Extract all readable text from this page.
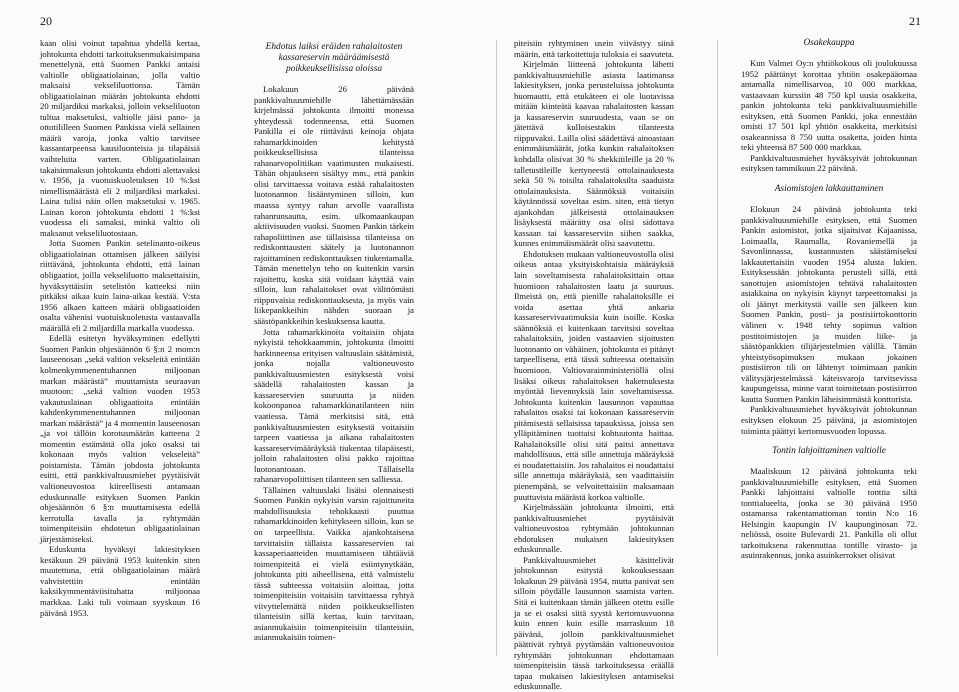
20	21

kaan olisi voinut tapahtua yhdellä kertaa, johtokunta ehdotti tarkoituksenmukaisimpana menettelynä, että Suomen Pankki antaisi valtiolle obligaatiolainan, jolla valtio maksaisi vekseliluottonsa. Tämän obligaatiolainan määrän johtokunta ehdotti 20 miljardiksi markaksi, jolloin vekseliluoton tultua maksetuksi, valtiolle jäisi pano- ja ottotililleen Suomen Pankissa vielä sellainen määrä varoja, jonka valtio tarvitsee kassantarpeensa kausiluonteisia ja tilapäisiä vaihteluita varten. Obligaatiolainan takaisinmaksun johtokunta ehdotti alettavaksi v. 1956, ja vuotuiskuoletuksen 10 %:ksi nimellismäärästä eli 2 miljardiksi markaksi. Laina tulisi näin ollen maksetuksi v. 1965. Lainan koron johtokunta ehdotti 1 %:ksi vuodessa eli samaksi, minkä valtio oli maksanut vekseliluotostaan.

Jotta Suomen Pankin setelinanto-oikeus obligaatiolainan ottamisen jälkeen säilyisi riittävänä, johtokunta ehdotti, että lainan obligaatiot, joilla vekseliluotto maksettaisiin, hyväksyttäisiin setelistön katteeksi niin pitkäksi aikaa kuin laina-aikaa kestää. V:sta 1956 alkaen katteen määrä obligaatioiden osalta vähenisi vuotuiskuoletusta vastaavalla määrällä eli 2 miljardilla markalla vuodessa.

Edellä esitetyn hyväksyminen edellytti Suomen Pankin ohjesäännön 6 §:n 2 mom:n lauseenosan „sekä valtion vekseleitä enintään kolmenkymmenentuhannen miljoonan markan määrästä” muuttamista seuraavan muotoon: „sekä valtion vuoden 1953 vakautuslainan obligaatioita enintään kahdenkymmenentuhannen miljoonan markan määrästä” ja 4 momentin lauseenosan „ja voi tällöin korotusmäärän katteena 2 momentin estämättä olla joko osaksi tai kokonaan myös valtion vekseleitä” poistamista. Tämän johdosta johtokunta esitti, että pankkivaltuusmiehet pyytäisivät valtioneuvostoa kiireellisesti antamaan eduskunnalle esityksen Suomen Pankin ohjesäännön 6 §:n muuttamisesta edellä kerrotulla tavalla ja ryhtymään toimenpiteisiin ehdotetun obligaatiolainan järjestämiseksi.

Eduskunta hyväksyi lakiesityksen kesäkuun 29 päivänä 1953 kuitenkin siten muutettuna, että obligaatiolainan määrä vahvistettiin enintään kaksikymmentäviisituhatta miljoonaa markkaa. Laki tuli voimaan syyskuun 16 päivänä 1953.

Ehdotus laiksi eräiden rahalaitosten kassareservin määräämisestä poikkeuksellisissa oloissa

Lokakuun 26 päivänä pankkivaltuusmiehille lähettämässään kirjelmässä johtokunta ilmoitti monessa yhteydessä todenneensa, että Suomen Pankilla ei ole riittävästi keinoja ohjata rahamarkkinoiden kehitystä poikkeuksellisissa tilanteissa rahanarvopolitiikan vaatimusten mukaisesti. Tähän ohjaukseen sisältyy mm., että pankin olisi tarvittaessa voitava estää rahalaitosten luotonannon lisääntyminen silloin, kun maassa syntyy rahan arvolle vaarallista rahanrunsautta, esim. ulkomaankaupan aktiivisuuden vuoksi. Suomen Pankin tärkein rahapoliittinen ase tällaisissa tilanteissa on rediskonttausten säätely ja luotonannon rajoittaminen rediskonttauksen tiukentamalla. Tämän menettelyn teho on kuitenkin varsin rajoitettu, koska sitä voidaan käyttää vain silloin, kun rahalaitokset ovat välittömästi riippuvaisia rediskonttauksesta, ja myös vain liikepankkeihin nähden suoraan ja säästöpankkeihin keskuksensa kautta.

Jotta rahamarkkinoita voitaisiin ohjata nykyistä tehokkaammin, johtokunta ilmoitti harkinneensa erityisen valtuuslain säätämistä, jonka nojalla valtioneuvosto pankkivaltuusmiesten esityksestä voisi säädellä rahalaitosten kassan ja kassareservien suuruutta ja niiden kokoonpanoa rahamarkkinatilanteen niin vaatiessa. Tämä merkitsisi sitä, että pankkivaltuusmiesten esityksestä voitaisiin tarpeen vaatiessa ja aikana rahalaitosten kassareservimääräyksiä tiukentaa tilapäisesti, jolloin rahalaitosten olisi pakko rajoittaa luotonantoaan. Tällaisella rahanarvopoliittisen tilanteen sen salliessa.

Tällainen valtuuslaki lisäisi olennaisesti Suomen Pankin nykyisin varsin rajoittuneita mahdollisuuksia tehokkaasti puuttua rahamarkkinoiden kehitykseen silloin, kun se on tarpeellista. Vaikka ajankohtaisena tarvittaisiin tällaista kassareservien tai kassaperiaatteiden muuttamiseen tähtääviä toimenpiteitä ei vielä esiintynytkään, johtokunta piti aiheellisena, että valmistelu tässä suhteessa voitaisiin aloittaa, jotta toimenpiteisiin voitaisiin tarvittaessa ryhtyä viivyttelemättä niiden poikkeuksellisten tilanteisiin sillä kertaa, kuin tarvitaan, asianmukaisiin toimenpiteisiin tilanteisiin, asianmukaisiin toimen-

piteisiin ryhtyminen usein viivästyy siinä määrin, että tarkoitettuja tuloksia ei saavuteta.

Kirjelmän liitteenä johtokunta lähetti pankkivaltuusmiehille asiasta laatimansa lakiesityksen, jonka perusteluissa johtokunta huomautti, että etukäteen ei ole luotavissa mitään kiinteätä kaavaa rahalaitosten kassan ja kassareservin suuruudesta, vaan se on jätettävä kulloisestakin tilanteesta riippuvaksi. Lailla olisi säädettävä ainoastaan enimmäismäärät, jotka kunkin rahalaitoksen kohdalla olisivat 30 % shekkitileille ja 20 % talletustileille kertyneestä ottolainauksesta sekä 50 % toisilta rahalaitoksilta saaduista ottolainauksista. Säännöksiä voitaisiin käytännössä soveltaa esim. siten, että tietyn ajankohdan jälkeisestä ottolainauksen lisäyksestä määrätty osa olisi sidottava kassaan tai kassareserviin siihen saakka, kunnes enimmäismäärät olisi saavutettu.

Ehdotuksen mukaan valtioneuvostolla olisi oikeus antaa yksityiskohtaisia määräyksiä lain soveltamisesta rahalaitoksittain ottaa huomioon rahalaitosten laatu ja suuruus. Ilmeistä on, että pienille rahalaitoksille ei voida asettaa yhtä ankaria kassareservivaatimuksia kuin isoille. Koska säännöksiä ei kuitenkaan tarvitsisi soveltaa rahalaitoksiin, joiden vastaavien sijoitusten luotonanto on vähäinen, johtokunta ei pitänyt tarpeellisena, että tässä suhteessa otettaisiin huomioon. Valtiovarainministeriöllä olisi lisäksi oikeus rahalaitoksen hakemuksesta myöntää lievennyksiä lain soveltamisessa. Johtokunta kuitenkin lausunnon vapauttaa rahalaitos osaksi tai kokonaan kassareservin pitämisestä sellaisissa tapauksissa, joissa sen ylläpitäminen tuottaisi kohtuutonta haittaa. Rahalaitoksille olisi sitä paitsi annettava mahdollisuus, että sille annettuja määräyksiä ei noudatettaisiin. Jos rahalaitos ei noudattaisi sille annettuja määräyksiä, sen vaadittaisiin pienempänä, se velvoitettaisiin maksamaan puuttuvista määrästä korkoa valtiolle.

Kirjelmässään johtokunta ilmoitti, että pankkivaltuusmiehet pyytäisivät valtioneuvostoa ryhtymään johtokunnan ehdotuksen mukaisen lakiesityksen eduskunnalle.

Pankkivaltuusmiehet käsittelivät johtokunnan esitystä kokouksessaan lokakuun 29 päivänä 1954, mutta panivat sen silloin pöydälle lausunnon saamista varten. Sitä ei kuitenkaan tämän jälkeen otettu esille ja se ei osaksi siitä syystä kertomusvuonna kuin ennen kuin esille marraskuun 18 päivänä, jolloin pankkivaltuusmiehet päättivät ryhtyä pyytämään valtioneuvostoa ryhtymään johtokunnan ehdottamaan toimenpiteisiin tässä tarkoituksessa eräällä tapaa mukaisen lakiesityksen antamiseksi eduskunnalle.

Osakekauppa

Kun Valmet Oy:n yhtiökokous oli joulukuussa 1952 päättänyt korottaa yhtiön osakepääomaa antamalla nimellisarvoa, 10 000 markkaa, vastaavaan kurssiin 48 750 kpl uusia osakkeita, pankin johtokunta teki pankkivaltuusmiehille esityksen, että Suomen Pankki, joka ennestään omisti 17 501 kpl yhtiön osakkeita, merkitsisi osakeannissa 8 750 uutta osaketta, joiden hinta teki yhteensä 87 500 000 markkaa.

Pankkivaltuusmiehet hyväksyivät johtokunnan esityksen tammikuun 22 päivänä.

Asiomistojen lakkauttaminen

Elokuun 24 päivänä johtokunta teki pankkivaltuusmiehille esityksen, että Suomen Pankin asiomistot, jotka sijaitsivat Kajaanissa, Loimaalla, Raumalla, Rovaniemellä ja Savonlinnassa, kustannusten säästämiseksi lakkautettaisiin vuoden 1954 alusta lukien. Esityksessään johtokunta perusteli sillä, että sanottujen asiomistojen tehtävä rahalaitosten asiakkaina on nykyisin käynyt tarpeettomaksi ja oli jäänyt merkitystä vaille sen jälkeen kun Suomen Pankin, posti- ja postisiirtokonttorin välinen v. 1948 tehty sopimus valtion postitoimistojen ja muiden liike- ja säästöpankkien tilijärjestelmien välillä. Tämän yhteistyösopimuksen mukaan jokainen postisiirron tili on lähtenyt toimimaan pankin välitysjärjestelmässä käteisvaroja tarvitsevissa kaupungeissa, minne varat toimitetaan postisiirron kautta Suomen Pankin läheisimmästä konttorista.

Pankkivaltuusmiehet hyväksyivät johtokunnan esityksen elokuun 25 päivänä, ja asiomistojen toiminta päättyi kertomusvuoden lopussa.

Tontin lahjoittaminen valtiolle

Maaliskuun 12 päivänä johtokunta teki pankkivaltuusmiehille esityksen, että Suomen Pankki lahjoittaisi valtiolle tonttia siltä tonttialueelta, jonka se 30 päivänä 1950 ostamansa rakentamattoman tontin N:o 16 Helsingin kaupungin IV kaupunginosan 72. neliössä, osoite Bulevardi 21. Pankilla oli ollut tarkoituksena rakennuttaa tontille virasto- ja asuinrakennus, jonka asuinkerrokset olisivat
